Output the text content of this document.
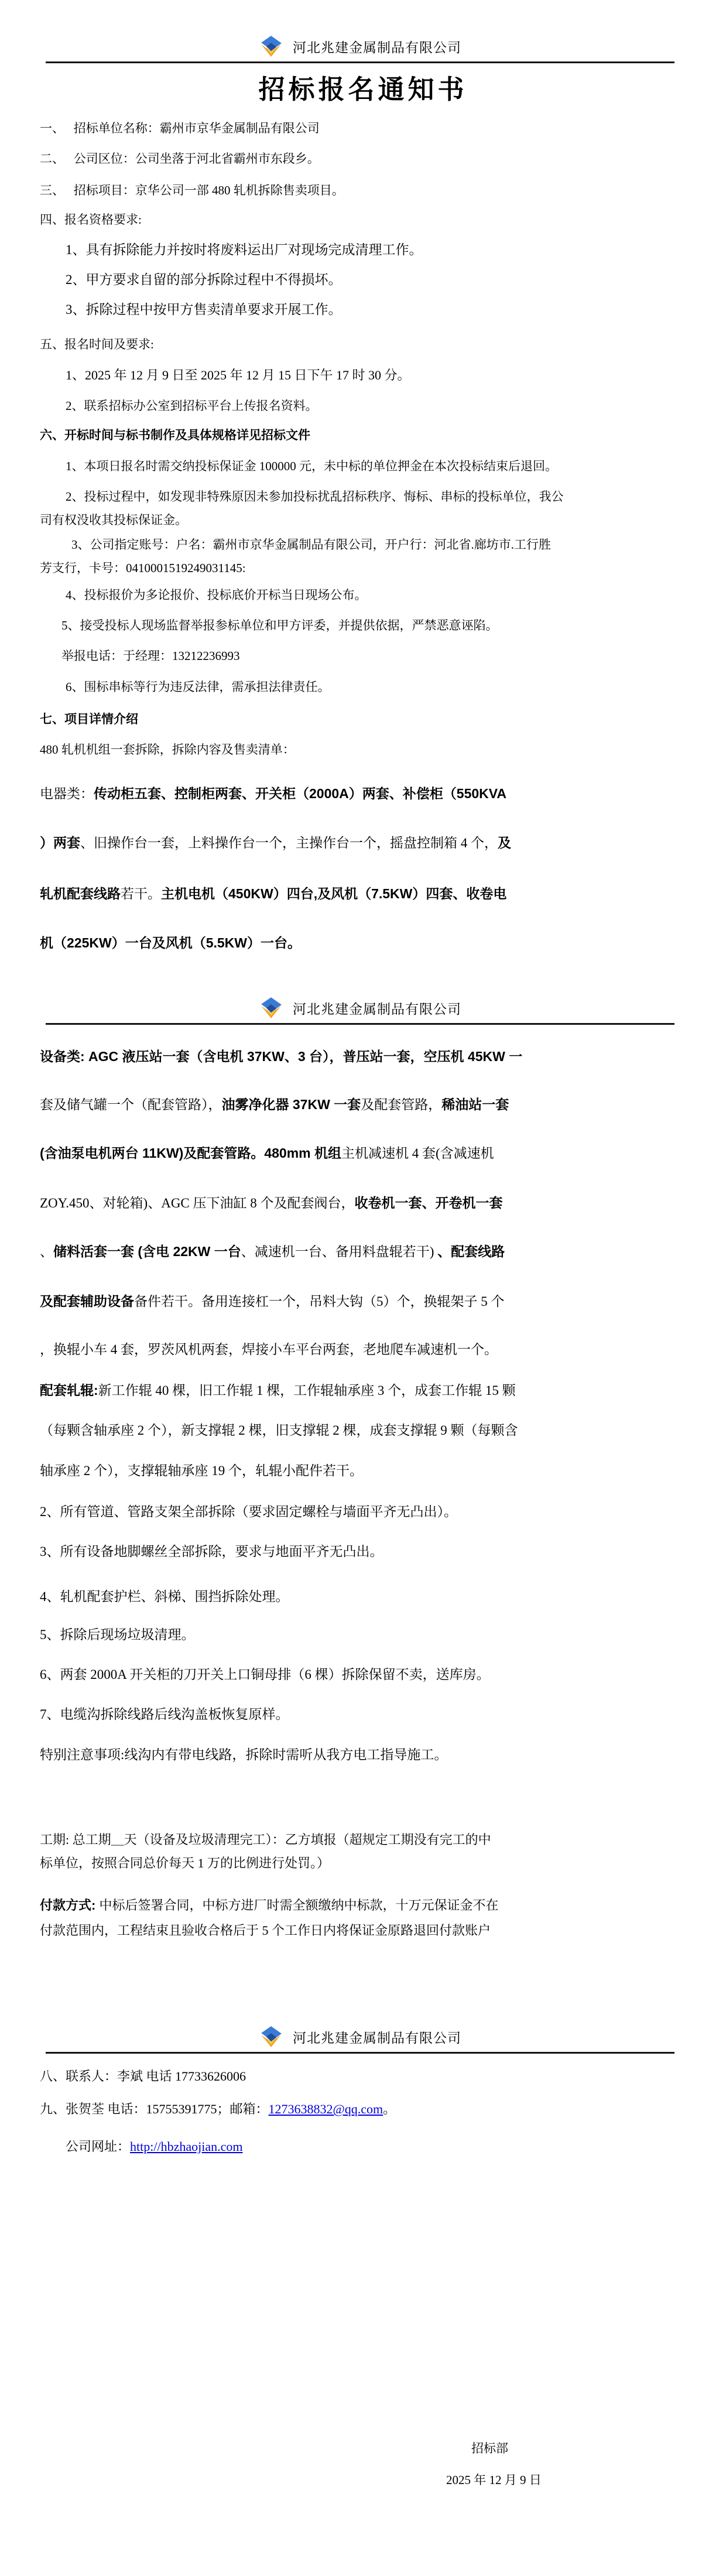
河北兆建金属制品有限公司
招标报名通知书
河北兆建金属制品有限公司
河北兆建金属制品有限公司
一、　 招标单位名称：霸州市京华金属制品有限公司
二、　 公司区位：公司坐落于河北省霸州市东段乡。
三、　 招标项目：京华公司一部 480 轧机拆除售卖项目。
四、报名资格要求:
1、具有拆除能力并按时将废料运出厂对现场完成清理工作。
2、甲方要求自留的部分拆除过程中不得损坏。
3、拆除过程中按甲方售卖清单要求开展工作。
五、报名时间及要求:
1、2025 年 12 月 9 日至 2025 年 12 月 15 日下午 17 时 30 分。
2、联系招标办公室到招标平台上传报名资料。
六、开标时间与标书制作及具体规格详见招标文件
1、本项日报名时需交纳投标保证金 100000 元，未中标的单位押金在本次投标结束后退回。
2、投标过程中，如发现非特殊原因未参加投标扰乱招标秩序、悔标、串标的投标单位，我公
司有权没收其投标保证金。
3、公司指定账号：户名：霸州市京华金属制品有限公司，开户行：河北省.廊坊市.工行胜
芳支行，卡号：0410001519249031145:
4、投标报价为多论报价、投标底价开标当日现场公布。
5、接受投标人现场监督举报参标单位和甲方评委，并提供依据，严禁恶意诬陷。
举报电话：于经理：13212236993
6、围标串标等行为违反法律，需承担法律责任。
七、项目详情介绍
480 轧机机组一套拆除，拆除内容及售卖清单：
电器类：传动柜五套、控制柜两套、开关柜（2000A）两套、补偿柜（550KVA
）两套、旧操作台一套，上料操作台一个，主操作台一个，摇盘控制箱 4 个，及
轧机配套线路若干。主机电机（450KW）四台,及风机（7.5KW）四套、收卷电
机（225KW）一台及风机（5.5KW）一台。
设备类: AGC 液压站一套（含电机 37KW、3 台），普压站一套，空压机 45KW 一
套及储气罐一个（配套管路），油雾净化器 37KW 一套及配套管路，稀油站一套
(含油泵电机两台 11KW)及配套管路。480mm 机组主机减速机 4 套(含减速机
ZOY.450、对轮箱)、AGC 压下油缸 8 个及配套阀台，收卷机一套、开卷机一套
、储料活套一套 (含电 22KW 一台、减速机一台、备用料盘辊若干) 、配套线路
及配套辅助设备备件若干。备用连接杠一个，吊料大钩（5）个，换辊架子 5 个
，换辊小车 4 套，罗茨风机两套，焊接小车平台两套，老地爬车减速机一个。
配套轧辊:新工作辊 40 棵，旧工作辊 1 棵，工作辊轴承座 3 个，成套工作辊 15 颗
（每颗含轴承座 2 个），新支撑辊 2 棵，旧支撑辊 2 棵，成套支撑辊 9 颗（每颗含
轴承座 2 个），支撑辊轴承座 19 个，轧辊小配件若干。
2、所有管道、管路支架全部拆除（要求固定螺栓与墙面平齐无凸出）。
3、所有设备地脚螺丝全部拆除，要求与地面平齐无凸出。
4、轧机配套护栏、斜梯、围挡拆除处理。
5、拆除后现场垃圾清理。
6、两套 2000A 开关柜的刀开关上口铜母排（6 棵）拆除保留不卖，送库房。
7、电缆沟拆除线路后线沟盖板恢复原样。
特别注意事项:线沟内有带电线路，拆除时需听从我方电工指导施工。
工期: 总工期＿天（设备及垃圾清理完工）：乙方填报（超规定工期没有完工的中
标单位，按照合同总价每天 1 万的比例进行处罚。）
付款方式: 中标后签署合同，中标方进厂时需全额缴纳中标款，十万元保证金不在
付款范围内，工程结束且验收合格后于 5 个工作日内将保证金原路退回付款账户
八、联系人：李斌 电话 17733626006
九、张贺荃 电话：15755391775；邮箱：1273638832@qq.com。
公司网址：http://hbzhaojian.com
招标部
2025 年 12 月 9 日
